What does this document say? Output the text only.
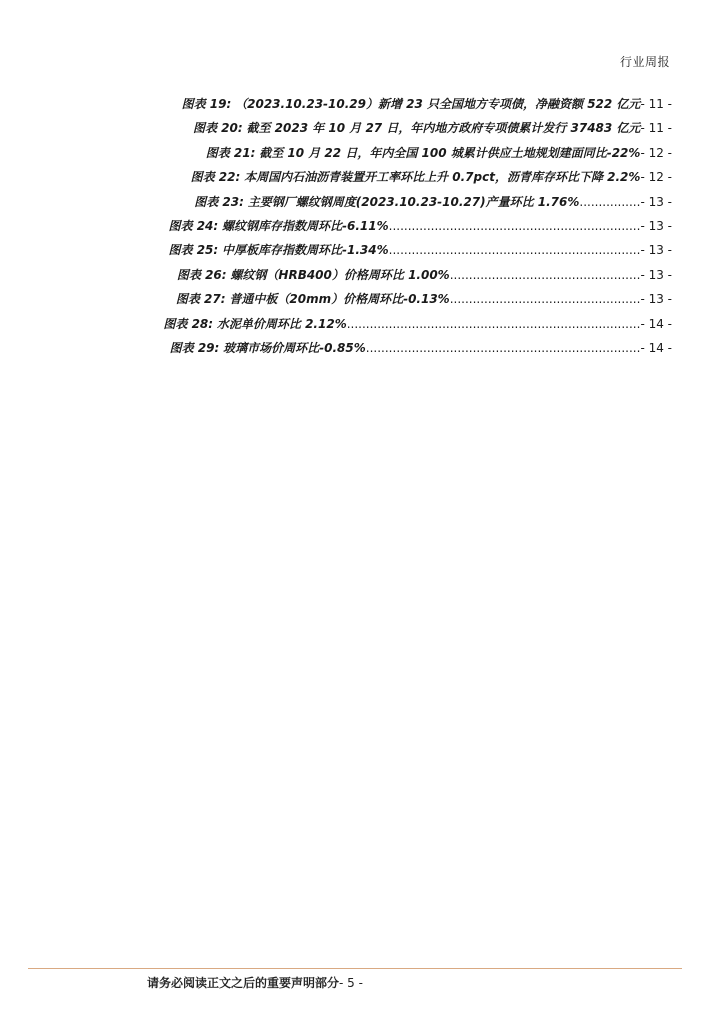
行业周报
图表 19:
（2023.10.23-10.29）新增 23 只全国地方专项债，净融资额 522 亿元 - 11 -
图表 20:
截至 2023 年 10 月 27 日，年内地方政府专项债累计发行 37483 亿元 - 11 -
图表 21:
截至 10 月 22 日，年内全国 100 城累计供应土地规划建面同比-22% - 12 -
图表 22:
本周国内石油沥青装置开工率环比上升 0.7pct，沥青库存环比下降 2.2% - 12 -
图表 23:
主要钢厂螺纹钢周度(2023.10.23-10.27)产量环比 1.76% ................ - 13 -
图表 24:
螺纹钢库存指数周环比-6.11% .................................................................. - 13 -
图表 25:
中厚板库存指数周环比-1.34% .................................................................. - 13 -
图表 26:
螺纹钢（HRB400）价格周环比 1.00% .................................................. - 13 -
图表 27:
普通中板（20mm）价格周环比-0.13% .................................................. - 13 -
图表 28:
水泥单价周环比 2.12% ............................................................................. - 14 -
图表 29:
玻璃市场价周环比-0.85% ........................................................................ - 14 -
请务必阅读正文之后的重要声明部分- 5 -
